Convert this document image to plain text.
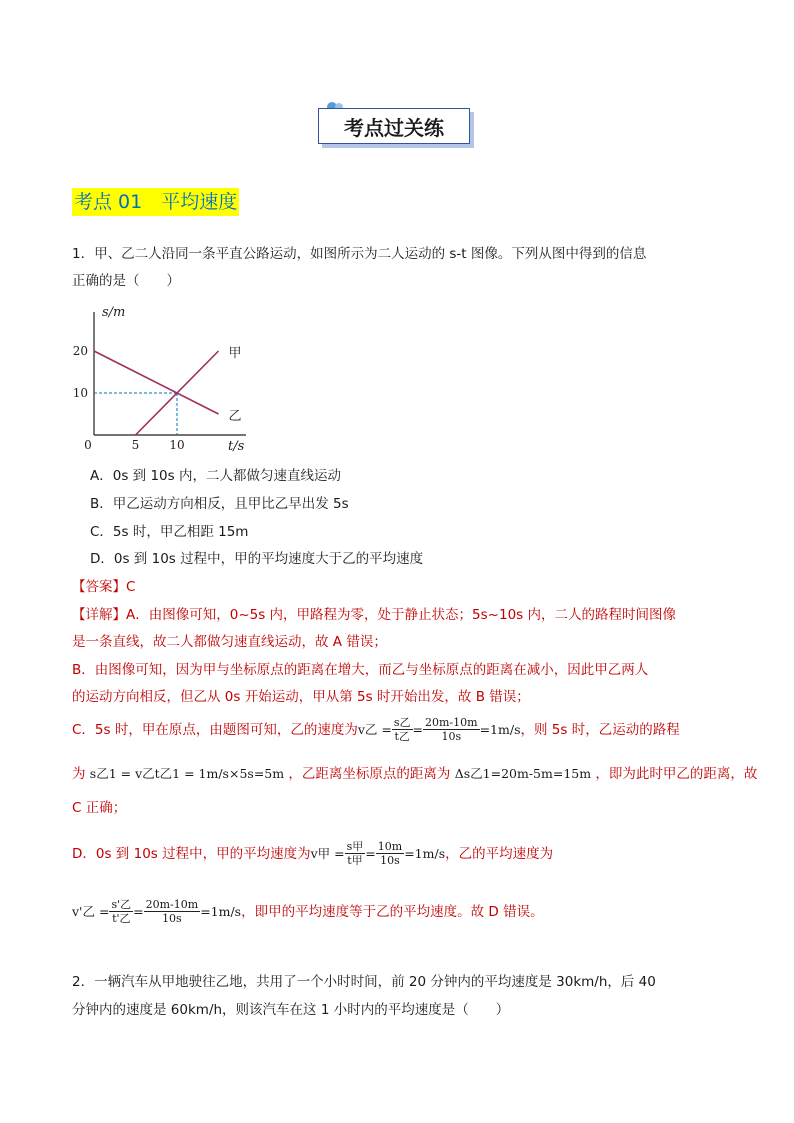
考点过关练
考点 01　平均速度
1．甲、乙二人沿同一条平直公路运动，如图所示为二人运动的 s-t 图像。下列从图中得到的信息
正确的是（　　）
s/m
t/s
0	5	10
20
10
甲
乙
A．0s 到 10s 内，二人都做匀速直线运动
B．甲乙运动方向相反，且甲比乙早出发 5s
C．5s 时，甲乙相距 15m
D．0s 到 10s 过程中，甲的平均速度大于乙的平均速度
【答案】C
【详解】A．由图像可知，0~5s 内，甲路程为零，处于静止状态；5s~10s 内，二人的路程时间图像
是一条直线，故二人都做匀速直线运动，故 A 错误；
B．由图像可知，因为甲与坐标原点的距离在增大，而乙与坐标原点的距离在减小，因此甲乙两人
的运动方向相反，但乙从 0s 开始运动，甲从第 5s 时开始出发，故 B 错误；
C．5s 时，甲在原点，由题图可知，乙的速度为 v乙 = $\frac{\text{s乙}}{\text{t乙}} = \frac{20m-10m}{10s} =1m/s$ ，则 5s 时，乙运动的路程
为 s乙1 = v乙t乙1 = 1m/s×5s=5m ，乙距离坐标原点的距离为 Δs乙1=20m-5m=15m ，即为此时甲乙的距离，故
C 正确；
D．0s 到 10s 过程中，甲的平均速度为 v甲 = $\frac{\text{s甲}}{\text{t甲}} = \frac{10m}{10s} =1m/s$ ，乙的平均速度为
v'乙 = $\frac{\text{s'乙}}{\text{t'乙}} = \frac{20m-10m}{10s} =1m/s$ ，即甲的平均速度等于乙的平均速度。故 D 错误。
2．一辆汽车从甲地驶往乙地，共用了一个小时时间，前 20 分钟内的平均速度是 30km/h，后 40
分钟内的速度是 60km/h，则该汽车在这 1 小时内的平均速度是（　　）
